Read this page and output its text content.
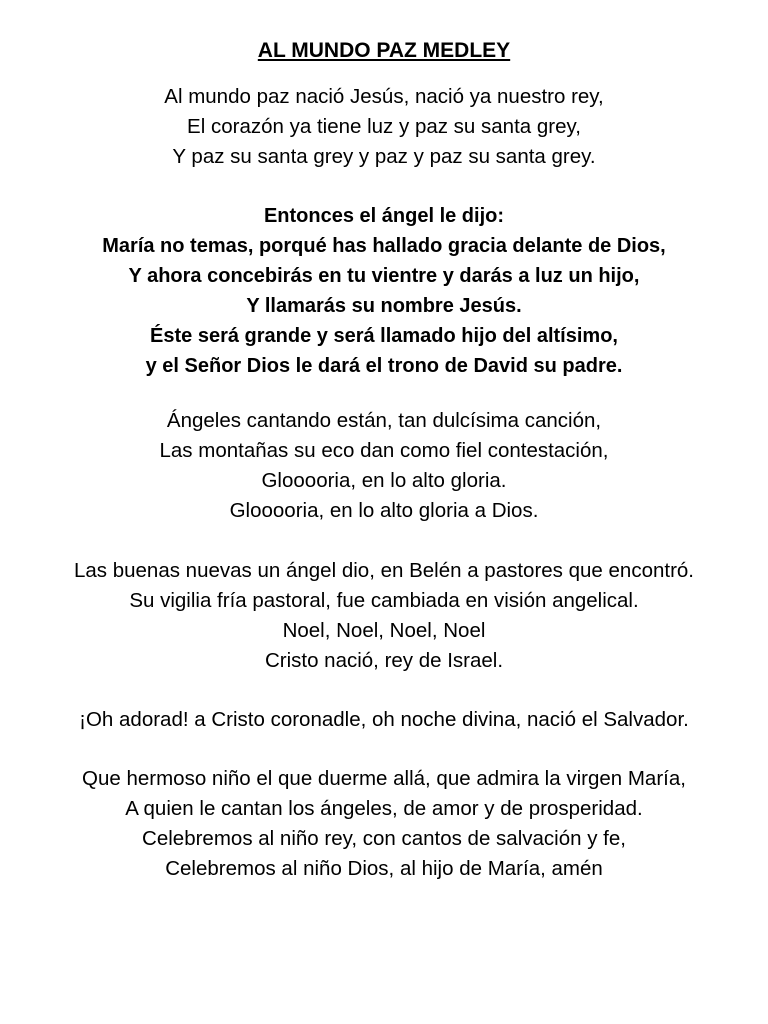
AL MUNDO PAZ MEDLEY
Al mundo paz nació Jesús, nació ya nuestro rey,
El corazón ya tiene luz y paz su santa grey,
Y paz su santa grey y paz y paz su santa grey.
Entonces el ángel le dijo:
María no temas, porqué has hallado gracia delante de Dios,
Y ahora concebirás en tu vientre y darás a luz un hijo,
Y llamarás su nombre Jesús.
Éste será grande y será llamado hijo del altísimo,
y el Señor Dios le dará el trono de David su padre.
Ángeles cantando están, tan dulcísima canción,
Las montañas su eco dan como fiel contestación,
Glooooria, en lo alto gloria.
Glooooria, en lo alto gloria a Dios.
Las buenas nuevas un ángel dio, en Belén a pastores que encontró.
Su vigilia fría pastoral, fue cambiada en visión angelical.
Noel, Noel, Noel, Noel
Cristo nació, rey de Israel.
¡Oh adorad! a Cristo coronadle, oh noche divina, nació el Salvador.
Que hermoso niño el que duerme allá, que admira la virgen María,
A quien le cantan los ángeles, de amor y de prosperidad.
Celebremos al niño rey, con cantos de salvación y fe,
Celebremos al niño Dios, al hijo de María, amén
